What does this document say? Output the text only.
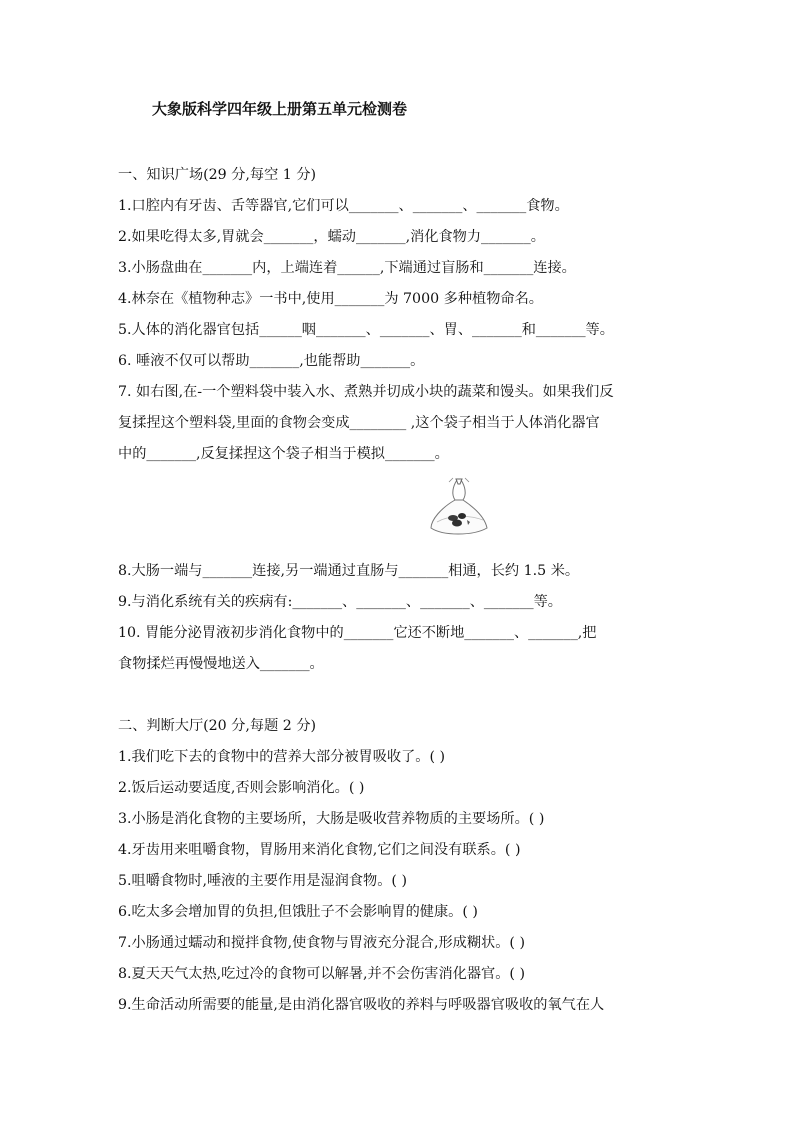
大象版科学四年级上册第五单元检测卷
一、知识广场(29 分,每空 1 分)
1.口腔内有牙齿、舌等器官,它们可以_______、_______、_______食物。
2.如果吃得太多,胃就会_______，蠕动_______,消化食物力_______。
3.小肠盘曲在_______内，上端连着______,下端通过盲肠和_______连接。
4.林奈在《植物种志》一书中,使用_______为 7000 多种植物命名。
5.人体的消化器官包括______咽_______、_______、胃、_______和_______等。
6. 唾液不仅可以帮助_______,也能帮助_______。
7. 如右图,在-一个塑料袋中装入水、煮熟并切成小块的蔬菜和馒头。如果我们反
复揉捏这个塑料袋,里面的食物会变成________ ,这个袋子相当于人体消化器官
中的_______,反复揉捏这个袋子相当于模拟_______。
8.大肠一端与_______连接,另一端通过直肠与_______相通，长约 1.5 米。
9.与消化系统有关的疾病有:_______、_______、_______、_______等。
10. 胃能分泌胃液初步消化食物中的_______它还不断地_______、_______,把
食物揉烂再慢慢地送入_______。
二、判断大厅(20 分,每题 2 分)
1.我们吃下去的食物中的营养大部分被胃吸收了。( )
2.饭后运动要适度,否则会影响消化。( )
3.小肠是消化食物的主要场所，大肠是吸收营养物质的主要场所。( )
4.牙齿用来咀嚼食物，胃肠用来消化食物,它们之间没有联系。( )
5.咀嚼食物时,唾液的主要作用是湿润食物。( )
6.吃太多会增加胃的负担,但饿肚子不会影响胃的健康。( )
7.小肠通过蠕动和搅拌食物,使食物与胃液充分混合,形成糊状。( )
8.夏天天气太热,吃过冷的食物可以解暑,并不会伤害消化器官。( )
9.生命活动所需要的能量,是由消化器官吸收的养料与呼吸器官吸收的氧气在人
